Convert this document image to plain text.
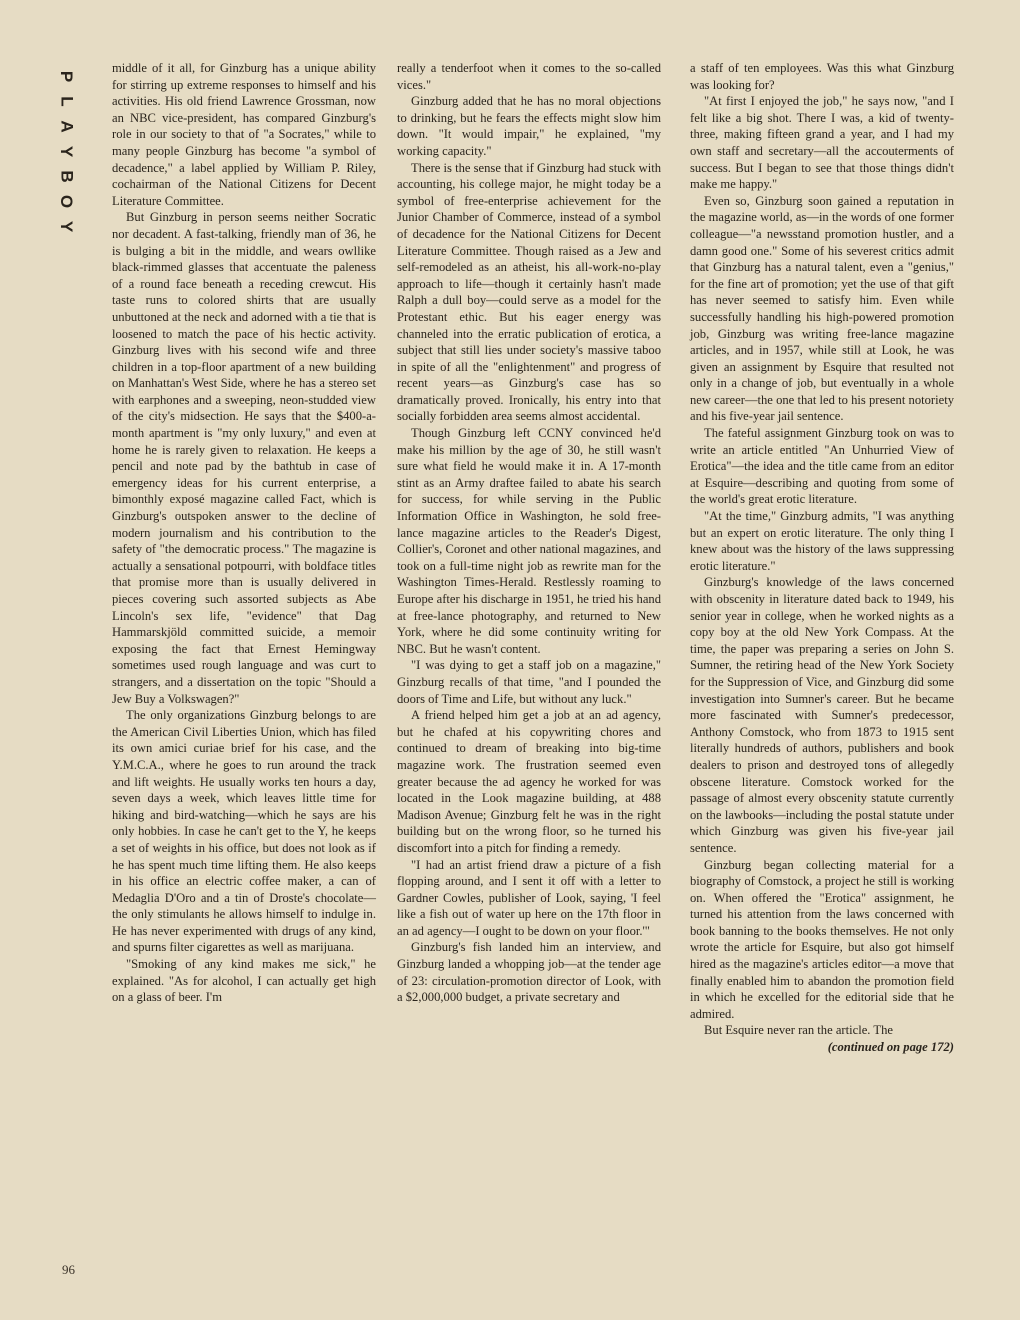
P
L
A
Y
B
O
Y

middle of it all, for Ginzburg has a unique ability for stirring up extreme responses to himself and his activities. His old friend Lawrence Grossman, now an NBC vice-president, has compared Ginzburg's role in our society to that of "a Socrates," while to many people Ginzburg has become "a symbol of decadence," a label applied by William P. Riley, cochairman of the National Citizens for Decent Literature Committee.

But Ginzburg in person seems neither Socratic nor decadent. A fast-talking, friendly man of 36, he is bulging a bit in the middle, and wears owllike black-rimmed glasses that accentuate the paleness of a round face beneath a receding crewcut. His taste runs to colored shirts that are usually unbuttoned at the neck and adorned with a tie that is loosened to match the pace of his hectic activity. Ginzburg lives with his second wife and three children in a top-floor apartment of a new building on Manhattan's West Side, where he has a stereo set with earphones and a sweeping, neon-studded view of the city's midsection. He says that the $400-a-month apartment is "my only luxury," and even at home he is rarely given to relaxation. He keeps a pencil and note pad by the bathtub in case of emergency ideas for his current enterprise, a bimonthly exposé magazine called Fact, which is Ginzburg's outspoken answer to the decline of modern journalism and his contribution to the safety of "the democratic process." The magazine is actually a sensational potpourri, with boldface titles that promise more than is usually delivered in pieces covering such assorted subjects as Abe Lincoln's sex life, "evidence" that Dag Hammarskjöld committed suicide, a memoir exposing the fact that Ernest Hemingway sometimes used rough language and was curt to strangers, and a dissertation on the topic "Should a Jew Buy a Volkswagen?"

The only organizations Ginzburg belongs to are the American Civil Liberties Union, which has filed its own amici curiae brief for his case, and the Y.M.C.A., where he goes to run around the track and lift weights. He usually works ten hours a day, seven days a week, which leaves little time for hiking and bird-watching—which he says are his only hobbies. In case he can't get to the Y, he keeps a set of weights in his office, but does not look as if he has spent much time lifting them. He also keeps in his office an electric coffee maker, a can of Medaglia D'Oro and a tin of Droste's chocolate—the only stimulants he allows himself to indulge in. He has never experimented with drugs of any kind, and spurns filter cigarettes as well as marijuana.

"Smoking of any kind makes me sick," he explained. "As for alcohol, I can actually get high on a glass of beer. I'm

really a tenderfoot when it comes to the so-called vices."

Ginzburg added that he has no moral objections to drinking, but he fears the effects might slow him down. "It would impair," he explained, "my working capacity."

There is the sense that if Ginzburg had stuck with accounting, his college major, he might today be a symbol of free-enterprise achievement for the Junior Chamber of Commerce, instead of a symbol of decadence for the National Citizens for Decent Literature Committee. Though raised as a Jew and self-remodeled as an atheist, his all-work-no-play approach to life—though it certainly hasn't made Ralph a dull boy—could serve as a model for the Protestant ethic. But his eager energy was channeled into the erratic publication of erotica, a subject that still lies under society's massive taboo in spite of all the "enlightenment" and progress of recent years—as Ginzburg's case has so dramatically proved. Ironically, his entry into that socially forbidden area seems almost accidental.

Though Ginzburg left CCNY convinced he'd make his million by the age of 30, he still wasn't sure what field he would make it in. A 17-month stint as an Army draftee failed to abate his search for success, for while serving in the Public Information Office in Washington, he sold free-lance magazine articles to the Reader's Digest, Collier's, Coronet and other national magazines, and took on a full-time night job as rewrite man for the Washington Times-Herald. Restlessly roaming to Europe after his discharge in 1951, he tried his hand at free-lance photography, and returned to New York, where he did some continuity writing for NBC. But he wasn't content.

"I was dying to get a staff job on a magazine," Ginzburg recalls of that time, "and I pounded the doors of Time and Life, but without any luck."

A friend helped him get a job at an ad agency, but he chafed at his copywriting chores and continued to dream of breaking into big-time magazine work. The frustration seemed even greater because the ad agency he worked for was located in the Look magazine building, at 488 Madison Avenue; Ginzburg felt he was in the right building but on the wrong floor, so he turned his discomfort into a pitch for finding a remedy.

"I had an artist friend draw a picture of a fish flopping around, and I sent it off with a letter to Gardner Cowles, publisher of Look, saying, 'I feel like a fish out of water up here on the 17th floor in an ad agency—I ought to be down on your floor.'"

Ginzburg's fish landed him an interview, and Ginzburg landed a whopping job—at the tender age of 23: circulation-promotion director of Look, with a $2,000,000 budget, a private secretary and

a staff of ten employees. Was this what Ginzburg was looking for?

"At first I enjoyed the job," he says now, "and I felt like a big shot. There I was, a kid of twenty-three, making fifteen grand a year, and I had my own staff and secretary—all the accouterments of success. But I began to see that those things didn't make me happy."

Even so, Ginzburg soon gained a reputation in the magazine world, as—in the words of one former colleague—"a newsstand promotion hustler, and a damn good one." Some of his severest critics admit that Ginzburg has a natural talent, even a "genius," for the fine art of promotion; yet the use of that gift has never seemed to satisfy him. Even while successfully handling his high-powered promotion job, Ginzburg was writing free-lance magazine articles, and in 1957, while still at Look, he was given an assignment by Esquire that resulted not only in a change of job, but eventually in a whole new career—the one that led to his present notoriety and his five-year jail sentence.

The fateful assignment Ginzburg took on was to write an article entitled "An Unhurried View of Erotica"—the idea and the title came from an editor at Esquire—describing and quoting from some of the world's great erotic literature.

"At the time," Ginzburg admits, "I was anything but an expert on erotic literature. The only thing I knew about was the history of the laws suppressing erotic literature."

Ginzburg's knowledge of the laws concerned with obscenity in literature dated back to 1949, his senior year in college, when he worked nights as a copy boy at the old New York Compass. At the time, the paper was preparing a series on John S. Sumner, the retiring head of the New York Society for the Suppression of Vice, and Ginzburg did some investigation into Sumner's career. But he became more fascinated with Sumner's predecessor, Anthony Comstock, who from 1873 to 1915 sent literally hundreds of authors, publishers and book dealers to prison and destroyed tons of allegedly obscene literature. Comstock worked for the passage of almost every obscenity statute currently on the lawbooks—including the postal statute under which Ginzburg was given his five-year jail sentence.

Ginzburg began collecting material for a biography of Comstock, a project he still is working on. When offered the "Erotica" assignment, he turned his attention from the laws concerned with book banning to the books themselves. He not only wrote the article for Esquire, but also got himself hired as the magazine's articles editor—a move that finally enabled him to abandon the promotion field in which he excelled for the editorial side that he admired.

But Esquire never ran the article. The

(continued on page 172)

96
